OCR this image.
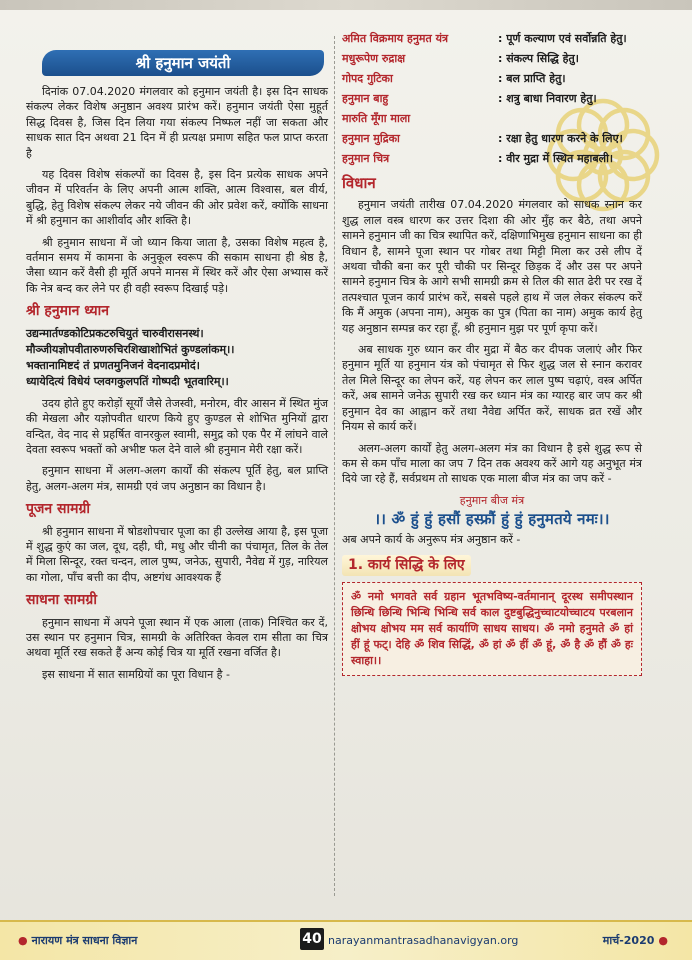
श्री हनुमान जयंती

दिनांक 07.04.2020 मंगलवार को हनुमान जयंती है। इस दिन साधक संकल्प लेकर विशेष अनुष्ठान अवश्य प्रारंभ करें। हनुमान जयंती ऐसा मुहूर्त सिद्ध दिवस है, जिस दिन लिया गया संकल्प निष्फल नहीं जा सकता और साधक सात दिन अथवा 21 दिन में ही प्रत्यक्ष प्रमाण सहित फल प्राप्त करता है

यह दिवस विशेष संकल्पों का दिवस है, इस दिन प्रत्येक साधक अपने जीवन में परिवर्तन के लिए अपनी आत्म शक्ति, आत्म विश्वास, बल वीर्य, बुद्धि, हेतु विशेष संकल्प लेकर नये जीवन की ओर प्रवेश करें, क्योंकि साधना में श्री हनुमान का आशीर्वाद और शक्ति है।

श्री हनुमान साधना में जो ध्यान किया जाता है, उसका विशेष महत्व है, वर्तमान समय में कामना के अनुकूल स्वरूप की सकाम साधना ही श्रेष्ठ है, जैसा ध्यान करें वैसी ही मूर्ति अपने मानस में स्थिर करें और ऐसा अभ्यास करें कि नेत्र बन्द कर लेने पर ही वही स्वरूप दिखाई पड़े।

श्री हनुमान ध्यान
उद्यन्मार्तण्डकोटिप्रकटरुचियुतं चारुवीरासनस्थं।
मौञ्जीयज्ञोपवीतारुणरुचिरशिखाशोभितं कुण्डलांकम्।।
भक्तानामिष्टदं तं प्रणतमुनिजनं वेदनादप्रमोदं।
ध्यायेदित्यं विधेयं प्लवगकुलपतिं गोष्पदी भूतवारिम्।।

उदय होते हुए करोड़ों सूर्यों जैसे तेजस्वी, मनोरम, वीर आसन में स्थित मुंज की मेखला और यज्ञोपवीत धारण किये हुए कुण्डल से शोभित मुनियों द्वारा वन्दित, वेद नाद से प्रहर्षित वानरकुल स्वामी, समुद्र को एक पैर में लांघने वाले देवता स्वरूप भक्तों को अभीष्ट फल देने वाले श्री हनुमान मेरी रक्षा करें।

हनुमान साधना में अलग-अलग कार्यों की संकल्प पूर्ति हेतु, बल प्राप्ति हेतु, अलग-अलग मंत्र, सामग्री एवं जप अनुष्ठान का विधान है।

पूजन सामग्री

श्री हनुमान साधना में षोडशोपचार पूजा का ही उल्लेख आया है, इस पूजा में शुद्ध कुएं का जल, दूध, दही, घी, मधु और चीनी का पंचामृत, तिल के तेल में मिला सिन्दूर, रक्त चन्दन, लाल पुष्प, जनेऊ, सुपारी, नैवेद्य में गुड़, नारियल का गोला, पाँच बत्ती का दीप, अष्टगंध आवश्यक हैं

साधना सामग्री

हनुमान साधना में अपने पूजा स्थान में एक आला (ताक) निश्चित कर दें, उस स्थान पर हनुमान चित्र, सामग्री के अतिरिक्त केवल राम सीता का चित्र अथवा मूर्ति रख सकते हैं अन्य कोई चित्र या मूर्ति रखना वर्जित है।

इस साधना में सात सामग्रियों का पूरा विधान है -

अमित विक्रमाय हनुमत यंत्र	: पूर्ण कल्याण एवं सर्वोन्नति हेतु।
मधुरूपेण रुद्राक्ष	: संकल्प सिद्धि हेतु।
गोपद गुटिका	: बल प्राप्ति हेतु।
हनुमान बाहु	: शत्रु बाधा निवारण हेतु।
मारुति मूँगा माला	
हनुमान मुद्रिका	: रक्षा हेतु धारण करने के लिए।
हनुमान चित्र	: वीर मुद्रा में स्थित महाबली।
विधान

हनुमान जयंती तारीख 07.04.2020 मंगलवार को साधक स्नान कर शुद्ध लाल वस्त्र धारण कर उत्तर दिशा की ओर मुँह कर बैठे, तथा अपने सामने हनुमान जी का चित्र स्थापित करें, दक्षिणाभिमुख हनुमान साधना का ही विधान है, सामने पूजा स्थान पर गोबर तथा मिट्टी मिला कर उसे लीप दें अथवा चौकी बना कर पूरी चौकी पर सिन्दूर छिड़क दें और उस पर अपने सामने हनुमान चित्र के आगे सभी सामग्री क्रम से तिल की सात ढेरी पर रख दें तत्पश्चात पूजन कार्य प्रारंभ करें, सबसे पहले हाथ में जल लेकर संकल्प करें कि मैं अमुक (अपना नाम), अमुक का पुत्र (पिता का नाम) अमुक कार्य हेतु यह अनुष्ठान सम्पन्न कर रहा हूँ, श्री हनुमान मुझ पर पूर्ण कृपा करें।

अब साधक गुरु ध्यान कर वीर मुद्रा में बैठ कर दीपक जलाएं और फिर हनुमान मूर्ति या हनुमान यंत्र को पंचामृत से फिर शुद्ध जल से स्नान करावर तेल मिले सिन्दूर का लेपन करें, यह लेपन कर लाल पुष्प चढ़ाएं, वस्त्र अर्पित करें, अब सामने जनेऊ सुपारी रख कर ध्यान मंत्र का ग्यारह बार जप कर श्री हनुमान देव का आह्वान करें तथा नैवेद्य अर्पित करें, साधक व्रत रखें और नियम से कार्य करें।

अलग-अलग कार्यों हेतु अलग-अलग मंत्र का विधान है इसे शुद्ध रूप से कम से कम पाँच माला का जप 7 दिन तक अवश्य करें आगे यह अनुभूत मंत्र दिये जा रहे हैं, सर्वप्रथम तो साधक एक माला बीज मंत्र का जप करें -

हनुमान बीज मंत्र
।। ॐ हुं हुं हसौं हस्फ्रौं हुं हुं हनुमतये नमः।।
अब अपने कार्य के अनुरूप मंत्र अनुष्ठान करें -
1. कार्य सिद्धि के लिए
ॐ नमो भगवते सर्व ग्रहान भूतभविष्य-वर्तमानान् दूरस्थ समीपस्थान छिन्धि छिन्धि भिन्धि भिन्धि सर्व काल दुष्टबुद्धिनुच्चाटयोच्चाटय परबलान क्षोभय क्षोभय मम सर्व कार्याणि साधय साधय। ॐ नमो हनुमते ॐ हां हीं हूं फट्। देहि ॐ शिव सिद्धिं, ॐ हां ॐ हीं ॐ हूं, ॐ है ॐ हौं ॐ हः स्वाहा।।
● नारायण मंत्र साधना विज्ञान	40 narayanmantrasadhanavigyan.org	मार्च-2020 ●
